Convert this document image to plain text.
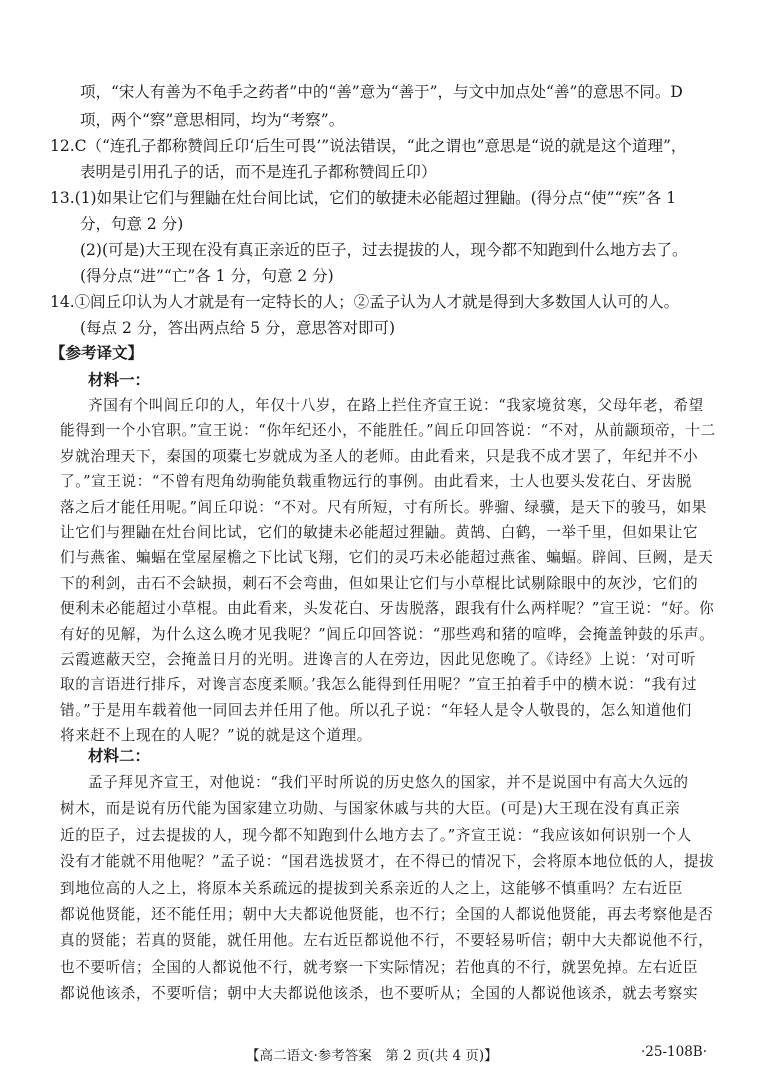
项，“宋人有善为不龟手之药者”中的“善”意为“善于”，与文中加点处“善”的意思不同。D
项，两个“察”意思相同，均为“考察”。
12.C（“连孔子都称赞闾丘卬‘后生可畏’”说法错误，“此之谓也”意思是“说的就是这个道理”，
表明是引用孔子的话，而不是连孔子都称赞闾丘卬）
13.(1)如果让它们与狸鼬在灶台间比试，它们的敏捷未必能超过狸鼬。(得分点“使”“疾”各 1
分，句意 2 分)
(2)(可是)大王现在没有真正亲近的臣子，过去提拔的人，现今都不知跑到什么地方去了。
(得分点“进”“亡”各 1 分，句意 2 分)
14.①闾丘卬认为人才就是有一定特长的人；②孟子认为人才就是得到大多数国人认可的人。
(每点 2 分，答出两点给 5 分，意思答对即可)
【参考译文】
材料一：
齐国有个叫闾丘卬的人，年仅十八岁，在路上拦住齐宣王说：“我家境贫寒，父母年老，希望
能得到一个小官职。”宣王说：“你年纪还小，不能胜任。”闾丘卬回答说：“不对，从前颛顼帝，十二
岁就治理天下，秦国的项橐七岁就成为圣人的老师。由此看来，只是我不成才罢了，年纪并不小
了。”宣王说：“不曾有咫角幼驹能负载重物远行的事例。由此看来，士人也要头发花白、牙齿脱
落之后才能任用呢。”闾丘卬说：“不对。尺有所短，寸有所长。骅骝、绿骥，是天下的骏马，如果
让它们与狸鼬在灶台间比试，它们的敏捷未必能超过狸鼬。黄鹄、白鹤，一举千里，但如果让它
们与燕雀、蝙蝠在堂屋屋檐之下比试飞翔，它们的灵巧未必能超过燕雀、蝙蝠。辟闾、巨阙，是天
下的利剑，击石不会缺损，刺石不会弯曲，但如果让它们与小草棍比试剔除眼中的灰沙，它们的
便利未必能超过小草棍。由此看来，头发花白、牙齿脱落，跟我有什么两样呢？”宣王说：“好。你
有好的见解，为什么这么晚才见我呢？”闾丘卬回答说：“那些鸡和猪的喧哗，会掩盖钟鼓的乐声。
云霞遮蔽天空，会掩盖日月的光明。进谗言的人在旁边，因此见您晚了。《诗经》上说：‘对可听
取的言语进行排斥，对谗言态度柔顺。’我怎么能得到任用呢？”宣王拍着手中的横木说：“我有过
错。”于是用车载着他一同回去并任用了他。所以孔子说：“年轻人是令人敬畏的，怎么知道他们
将来赶不上现在的人呢？”说的就是这个道理。
材料二：
孟子拜见齐宣王，对他说：“我们平时所说的历史悠久的国家，并不是说国中有高大久远的
树木，而是说有历代能为国家建立功勋、与国家休戚与共的大臣。(可是)大王现在没有真正亲
近的臣子，过去提拔的人，现今都不知跑到什么地方去了。”齐宣王说：“我应该如何识别一个人
没有才能就不用他呢？”孟子说：“国君选拔贤才，在不得已的情况下，会将原本地位低的人，提拔
到地位高的人之上，将原本关系疏远的提拔到关系亲近的人之上，这能够不慎重吗？左右近臣
都说他贤能，还不能任用；朝中大夫都说他贤能，也不行；全国的人都说他贤能，再去考察他是否
真的贤能；若真的贤能，就任用他。左右近臣都说他不行，不要轻易听信；朝中大夫都说他不行，
也不要听信；全国的人都说他不行，就考察一下实际情况；若他真的不行，就罢免掉。左右近臣
都说他该杀，不要听信；朝中大夫都说他该杀，也不要听从；全国的人都说他该杀，就去考察实
【高二语文·参考答案　第 2 页(共 4 页)】	·25-108B·
